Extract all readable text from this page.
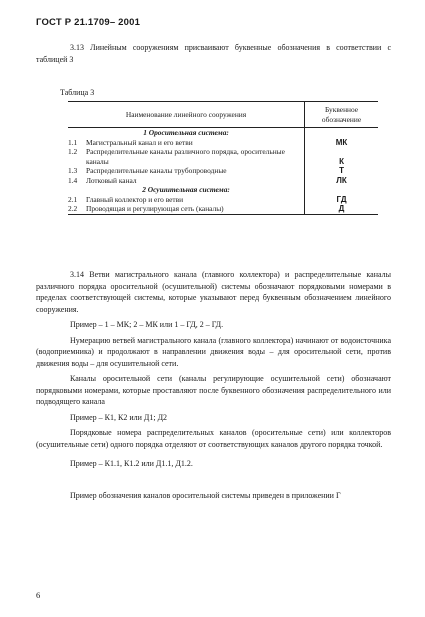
ГОСТ Р 21.1709– 2001

3.13 Линейным сооружениям присваивают буквенные обозначения в соответствии с таблицей 3

Таблица 3
Наименование линейного сооружения		Буквенное обозначение
1 Оросительная система:		
1.1	Магистральный канал и его ветви	МК
1.2	Распределительные каналы различного порядка, оросительные каналы	К
1.3	Распределительные каналы трубопроводные	Т
1.4	Лотковый канал	ЛК
2 Осушительная система:		
2.1	Главный коллектор и его ветви	ГД
2.2	Проводящая и регулирующая сеть (каналы)	Д

3.14 Ветви магистрального канала (главного коллектора) и распределительные каналы различного порядка оросительной (осушительной) системы обозначают порядковыми номерами в пределах соответствующей системы, которые указывают перед буквенным обозначением линейного сооружения.

Пример – 1 – МК; 2 – МК или 1 – ГД, 2 – ГД.

Нумерацию ветвей магистрального канала (главного коллектора) начинают от водоисточника (водоприемника) и продолжают в направлении движения воды – для оросительной сети, против движения воды – для осушительной сети.

Каналы оросительной сети (каналы регулирующие осушительной сети) обозначают порядковыми номерами, которые проставляют после буквенного обозначения распределительного или подводящего канала

Пример – К1, К2 или Д1; Д2

Порядковые номера распределительных каналов (оросительные сети) или коллекторов (осушительные сети) одного порядка отделяют от соответствующих каналов другого порядка точкой.

Пример – К1.1, К1.2 или Д1.1, Д1.2.

Пример обозначения каналов оросительной системы приведен в приложении Г

6
